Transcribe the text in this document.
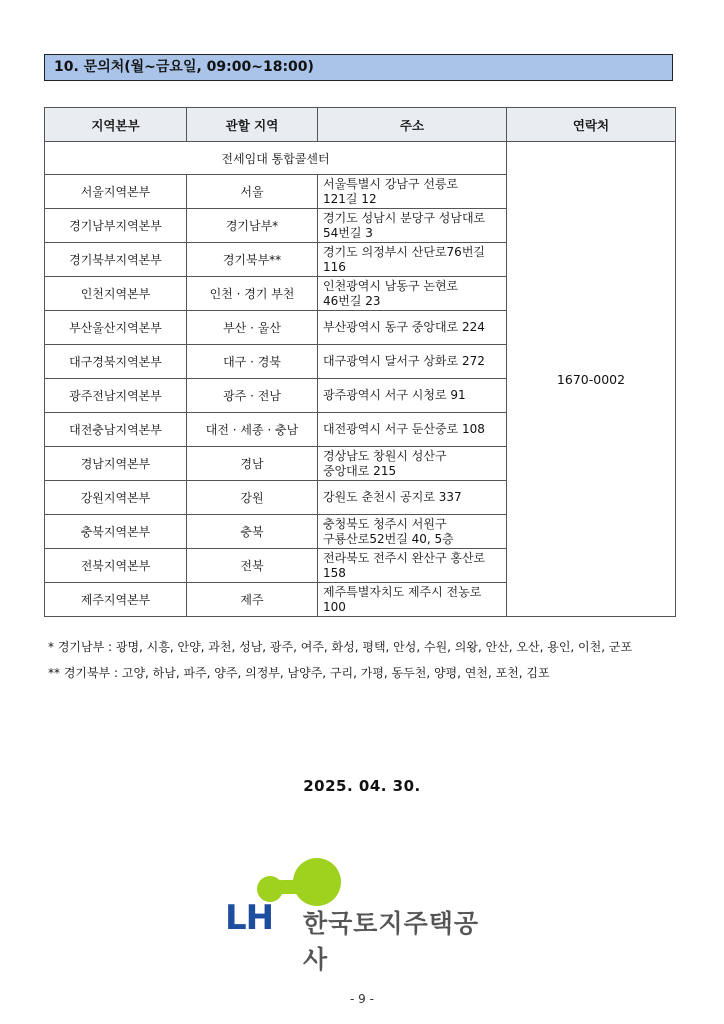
10. 문의처(월~금요일, 09:00~18:00)
지역본부	관할 지역	주소	연락처
전세임대 통합콜센터			1670-0002
서울지역본부	서울	서울특별시 강남구 선릉로
121길 12	

경기남부지역본부	경기남부*	경기도 성남시 분당구 성남대로
54번길 3	

경기북부지역본부	경기북부**	경기도 의정부시 산단로76번길
116	

인천지역본부	인천 · 경기 부천	인천광역시 남동구 논현로
46번길 23	

부산울산지역본부	부산 · 울산	부산광역시 동구 중앙대로 224	

대구경북지역본부	대구 · 경북	대구광역시 달서구 상화로 272	

광주전남지역본부	광주 · 전남	광주광역시 서구 시청로 91	

대전충남지역본부	대전 · 세종 · 충남	대전광역시 서구 둔산중로 108	

경남지역본부	경남	경상남도 창원시 성산구
중앙대로 215	

강원지역본부	강원	강원도 춘천시 공지로 337	

충북지역본부	충북	충청북도 청주시 서원구
구룡산로52번길 40, 5층	

전북지역본부	전북	전라북도 전주시 완산구 홍산로
158	

제주지역본부	제주	제주특별자치도 제주시 전농로
100	
* 경기남부 : 광명, 시흥, 안양, 과천, 성남, 광주, 여주, 화성, 평택, 안성, 수원, 의왕, 안산, 오산, 용인, 이천, 군포
** 경기북부 : 고양, 하남, 파주, 양주, 의정부, 남양주, 구리, 가평, 동두천, 양평, 연천, 포천, 김포
2025. 04. 30.
LH 한국토지주택공사
- 9 -
